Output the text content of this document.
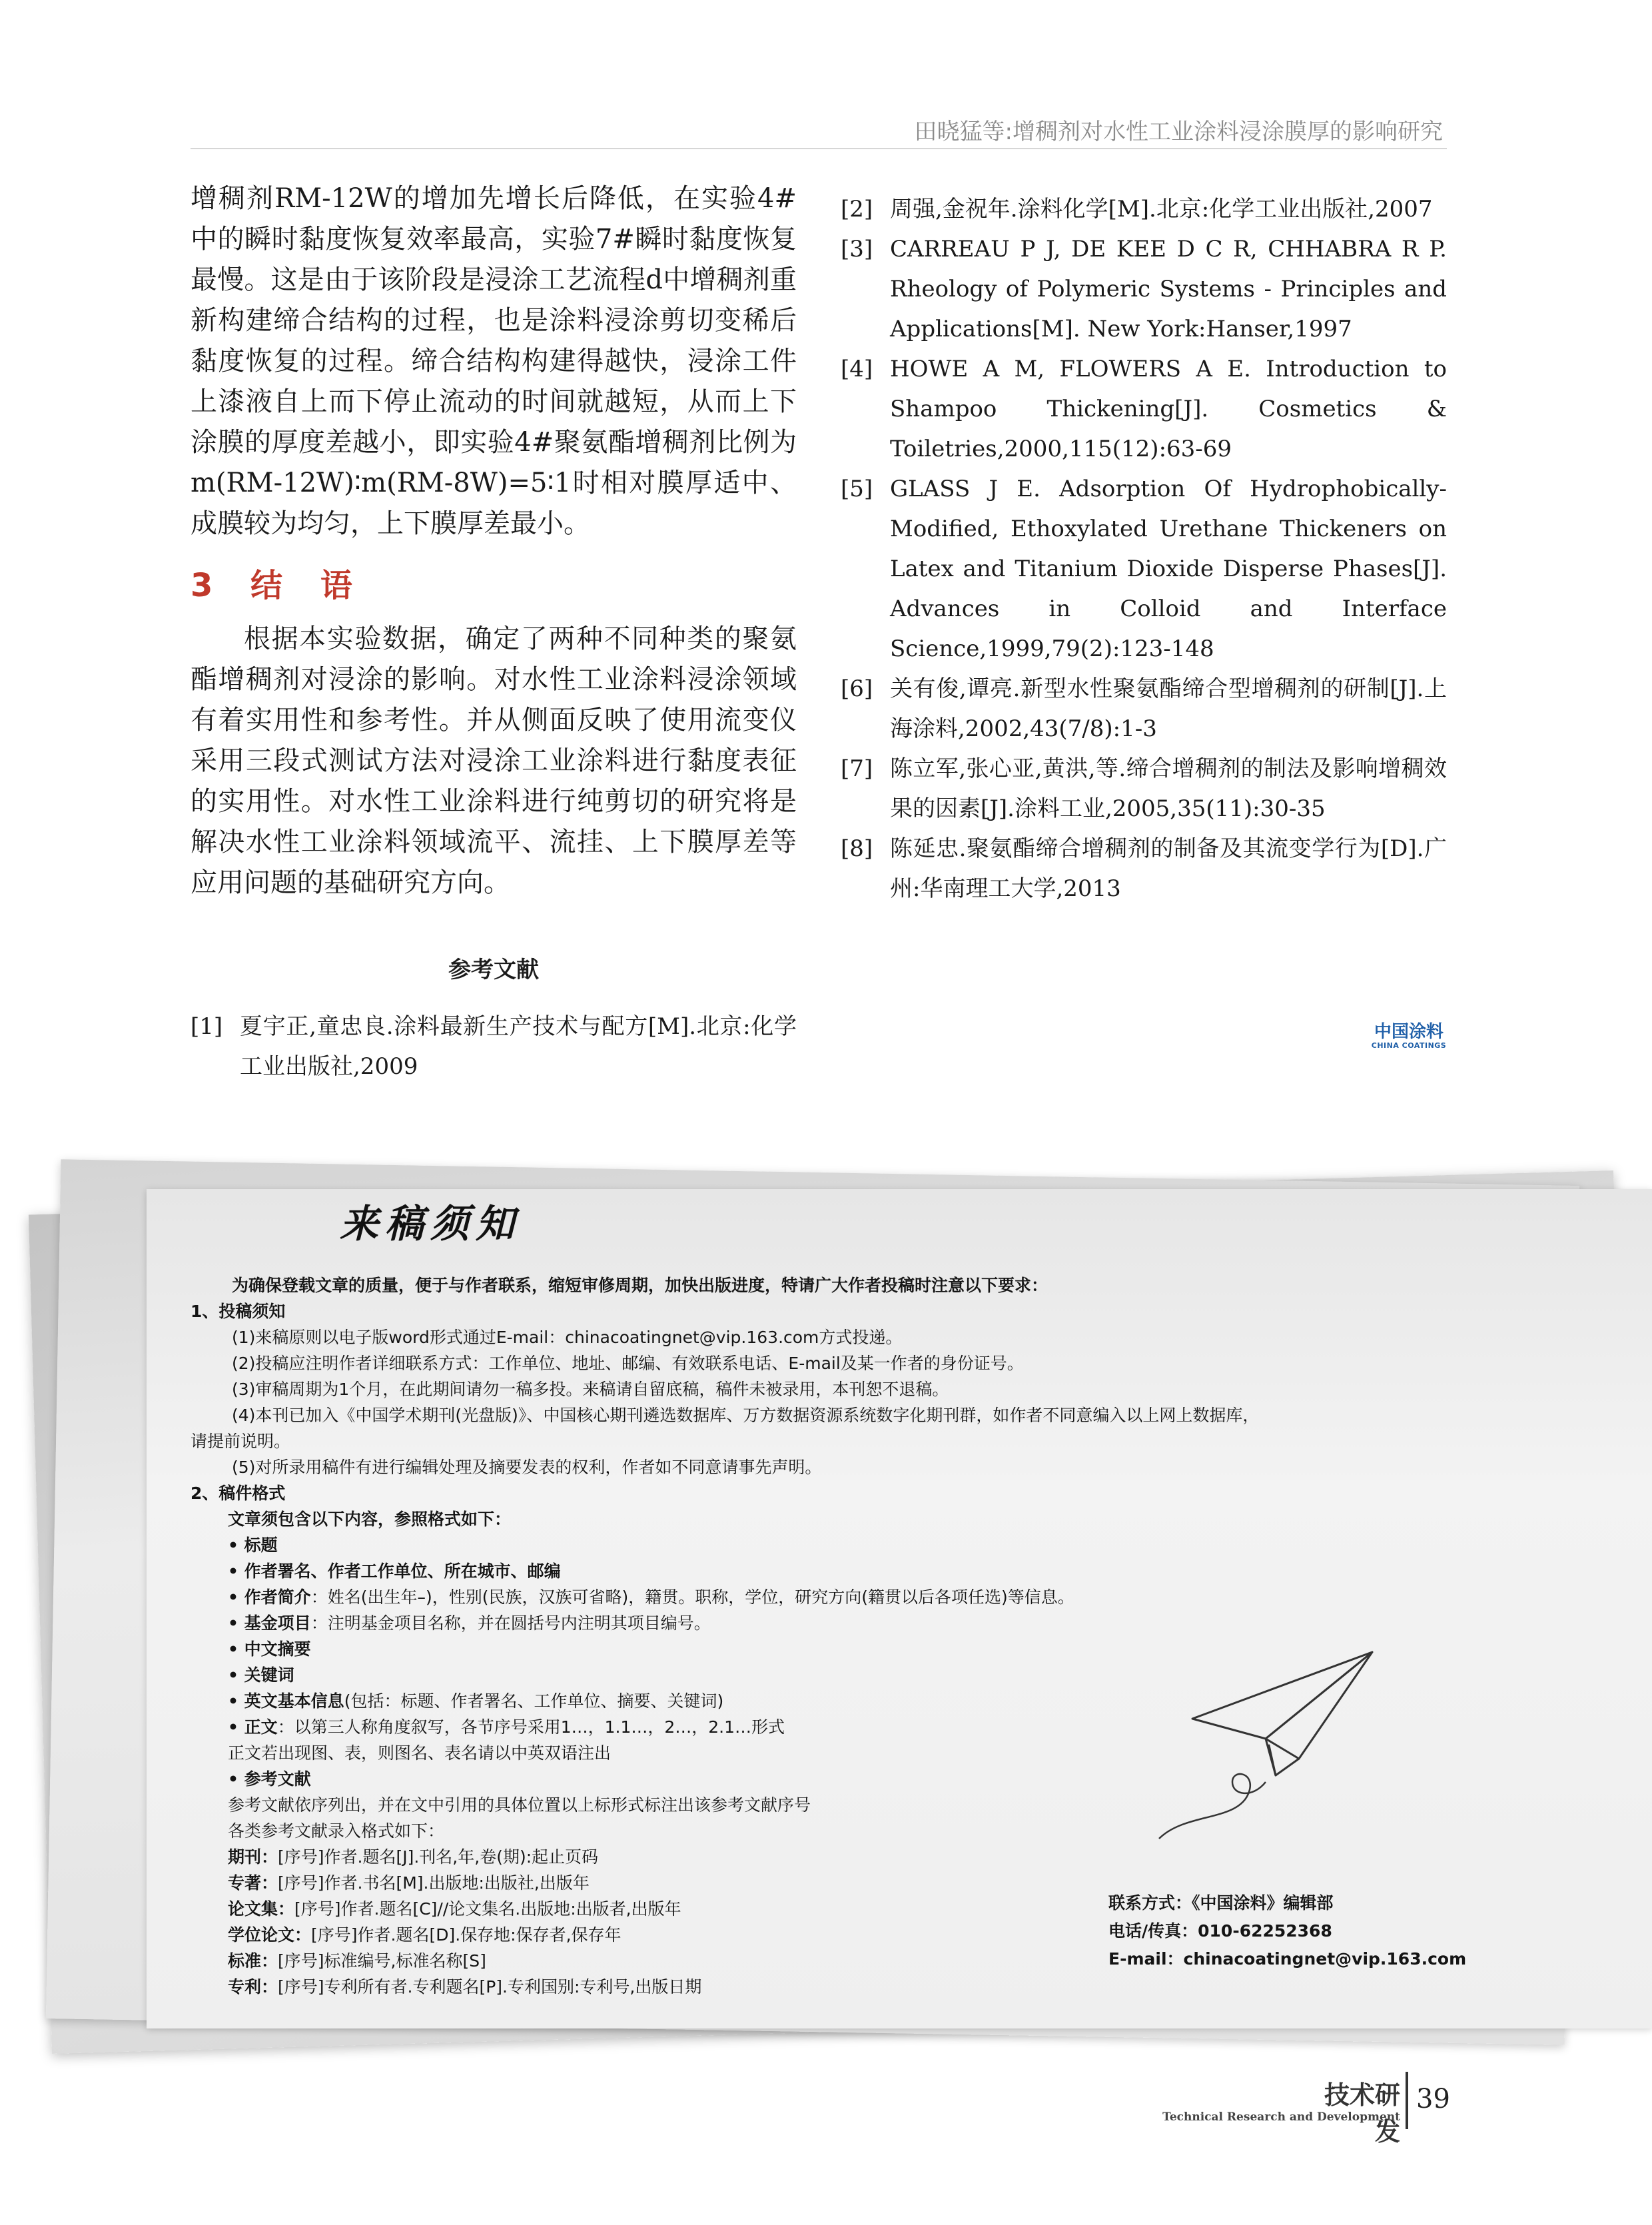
田晓猛等:增稠剂对水性工业涂料浸涂膜厚的影响研究

增稠剂RM-12W的增加先增长后降低，在实验4#中的瞬时黏度恢复效率最高，实验7#瞬时黏度恢复最慢。这是由于该阶段是浸涂工艺流程d中增稠剂重新构建缔合结构的过程，也是涂料浸涂剪切变稀后黏度恢复的过程。缔合结构构建得越快，浸涂工件上漆液自上而下停止流动的时间就越短，从而上下涂膜的厚度差越小，即实验4#聚氨酯增稠剂比例为m(RM-12W)∶m(RM-8W)=5∶1时相对膜厚适中、成膜较为均匀，上下膜厚差最小。

3 结 语

根据本实验数据，确定了两种不同种类的聚氨酯增稠剂对浸涂的影响。对水性工业涂料浸涂领域有着实用性和参考性。并从侧面反映了使用流变仪采用三段式测试方法对浸涂工业涂料进行黏度表征的实用性。对水性工业涂料进行纯剪切的研究将是解决水性工业涂料领域流平、流挂、上下膜厚差等应用问题的基础研究方向。

参考文献
[1] 夏宇正,童忠良.涂料最新生产技术与配方[M].北京:化学工业出版社,2009
[2] 周强,金祝年.涂料化学[M].北京:化学工业出版社,2007
[3] CARREAU P J, DE KEE D C R, CHHABRA R P. Rheology of Polymeric Systems - Principles and Applications[M]. New York:Hanser,1997
[4] HOWE A M, FLOWERS A E. Introduction to Shampoo Thickening[J]. Cosmetics & Toiletries,2000,115(12):63-69
[5] GLASS J E. Adsorption Of Hydrophobically-Modified, Ethoxylated Urethane Thickeners on Latex and Titanium Dioxide Disperse Phases[J]. Advances in Colloid and Interface Science,1999,79(2):123-148
[6] 关有俊,谭亮.新型水性聚氨酯缔合型增稠剂的研制[J].上海涂料,2002,43(7/8):1-3
[7] 陈立军,张心亚,黄洪,等.缔合增稠剂的制法及影响增稠效果的因素[J].涂料工业,2005,35(11):30-35
[8] 陈延忠.聚氨酯缔合增稠剂的制备及其流变学行为[D].广州:华南理工大学,2013
中国涂料
CHINA COATINGS
来稿须知
为确保登载文章的质量，便于与作者联系，缩短审修周期，加快出版进度，特请广大作者投稿时注意以下要求：
1、投稿须知
(1)来稿原则以电子版word形式通过E-mail：chinacoatingnet@vip.163.com方式投递。
(2)投稿应注明作者详细联系方式：工作单位、地址、邮编、有效联系电话、E-mail及某一作者的身份证号。
(3)审稿周期为1个月，在此期间请勿一稿多投。来稿请自留底稿，稿件未被录用，本刊恕不退稿。
(4)本刊已加入《中国学术期刊(光盘版)》、中国核心期刊遴选数据库、万方数据资源系统数字化期刊群，如作者不同意编入以上网上数据库，
请提前说明。
(5)对所录用稿件有进行编辑处理及摘要发表的权利，作者如不同意请事先声明。
2、稿件格式
文章须包含以下内容，参照格式如下：
• 标题
• 作者署名、作者工作单位、所在城市、邮编
• 作者简介：姓名(出生年–)，性别(民族，汉族可省略)，籍贯。职称，学位，研究方向(籍贯以后各项任选)等信息。
• 基金项目：注明基金项目名称，并在圆括号内注明其项目编号。
• 中文摘要
• 关键词
• 英文基本信息(包括：标题、作者署名、工作单位、摘要、关键词)
• 正文：以第三人称角度叙写，各节序号采用1…，1.1…，2…，2.1…形式
正文若出现图、表，则图名、表名请以中英双语注出
• 参考文献
参考文献依序列出，并在文中引用的具体位置以上标形式标注出该参考文献序号
各类参考文献录入格式如下：
期刊：[序号]作者.题名[J].刊名,年,卷(期):起止页码
专著：[序号]作者.书名[M].出版地:出版社,出版年
论文集：[序号]作者.题名[C]//论文集名.出版地:出版者,出版年
学位论文：[序号]作者.题名[D].保存地:保存者,保存年
标准：[序号]标准编号,标准名称[S]
专利：[序号]专利所有者.专利题名[P].专利国别:专利号,出版日期
联系方式：《中国涂料》编辑部
电话/传真：010-62252368
E-mail：chinacoatingnet@vip.163.com
技术研发
Technical Research and Development
39
